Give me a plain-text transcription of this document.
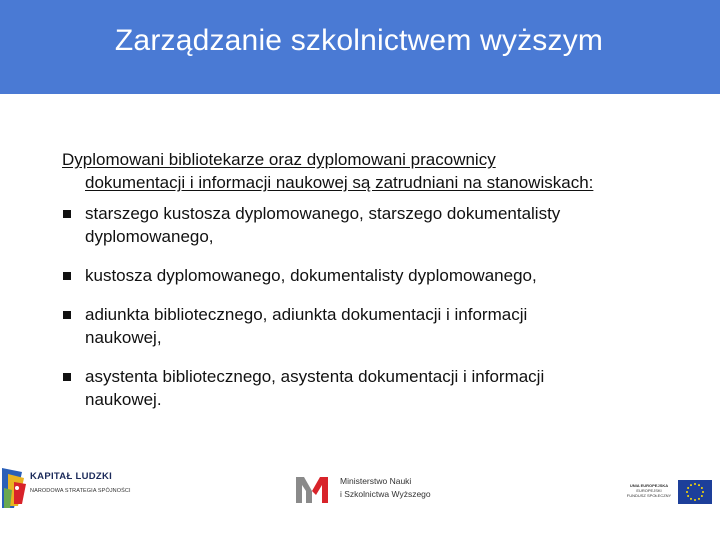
Zarządzanie szkolnictwem wyższym
Dyplomowani bibliotekarze oraz dyplomowani pracownicy
dokumentacji i informacji naukowej są zatrudniani na stanowiskach:
starszego kustosza dyplomowanego, starszego dokumentalisty
dyplomowanego,
kustosza dyplomowanego, dokumentalisty dyplomowanego,
adiunkta bibliotecznego, adiunkta dokumentacji i informacji
naukowej,
asystenta bibliotecznego, asystenta dokumentacji i informacji
naukowej.
KAPITAŁ LUDZKI
NARODOWA STRATEGIA SPÓJNOŚCI
Ministerstwo Nauki
i Szkolnictwa Wyższego
UNIA EUROPEJSKA
EUROPEJSKI
FUNDUSZ SPOŁECZNY
